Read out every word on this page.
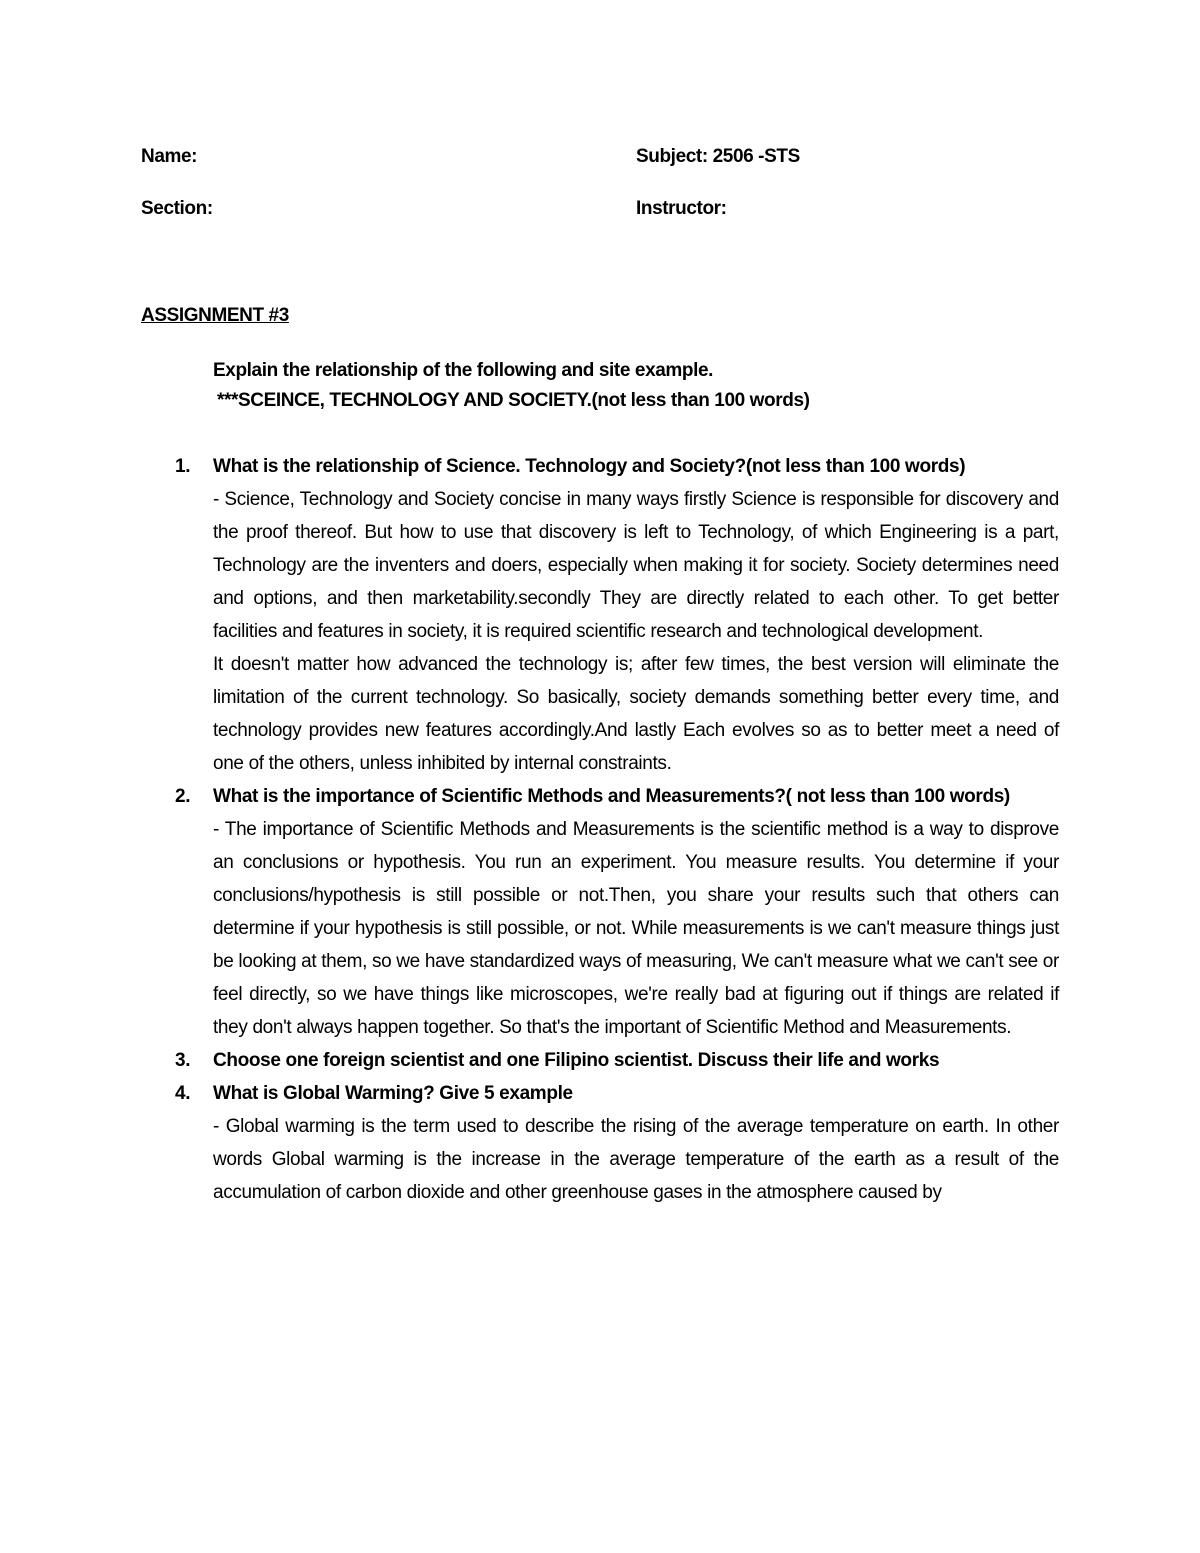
Name:	Subject: 2506 -STS
Section:	Instructor:
ASSIGNMENT #3
Explain the relationship of the following and site example.
***SCEINCE, TECHNOLOGY AND SOCIETY.(not less than 100 words)
1. What is the relationship of Science. Technology and Society?(not less than 100 words)

- Science, Technology and Society concise in many ways firstly Science is responsible for discovery and the proof thereof. But how to use that discovery is left to Technology, of which Engineering is a part, Technology are the inventers and doers, especially when making it for society. Society determines need and options, and then marketability.secondly They are directly related to each other. To get better facilities and features in society, it is required scientific research and technological development.

It doesn't matter how advanced the technology is; after few times, the best version will eliminate the limitation of the current technology. So basically, society demands something better every time, and technology provides new features accordingly.And lastly Each evolves so as to better meet a need of one of the others, unless inhibited by internal constraints.

2. What is the importance of Scientific Methods and Measurements?( not less than 100 words)

- The importance of Scientific Methods and Measurements is the scientific method is a way to disprove an conclusions or hypothesis. You run an experiment. You measure results. You determine if your conclusions/hypothesis is still possible or not.Then, you share your results such that others can determine if your hypothesis is still possible, or not. While measurements is we can't measure things just be looking at them, so we have standardized ways of measuring, We can't measure what we can't see or feel directly, so we have things like microscopes, we're really bad at figuring out if things are related if they don't always happen together. So that's the important of Scientific Method and Measurements.

3. Choose one foreign scientist and one Filipino scientist. Discuss their life and works
4. What is Global Warming? Give 5 example

- Global warming is the term used to describe the rising of the average temperature on earth. In other words Global warming is the increase in the average temperature of the earth as a result of the accumulation of carbon dioxide and other greenhouse gases in the atmosphere caused by
